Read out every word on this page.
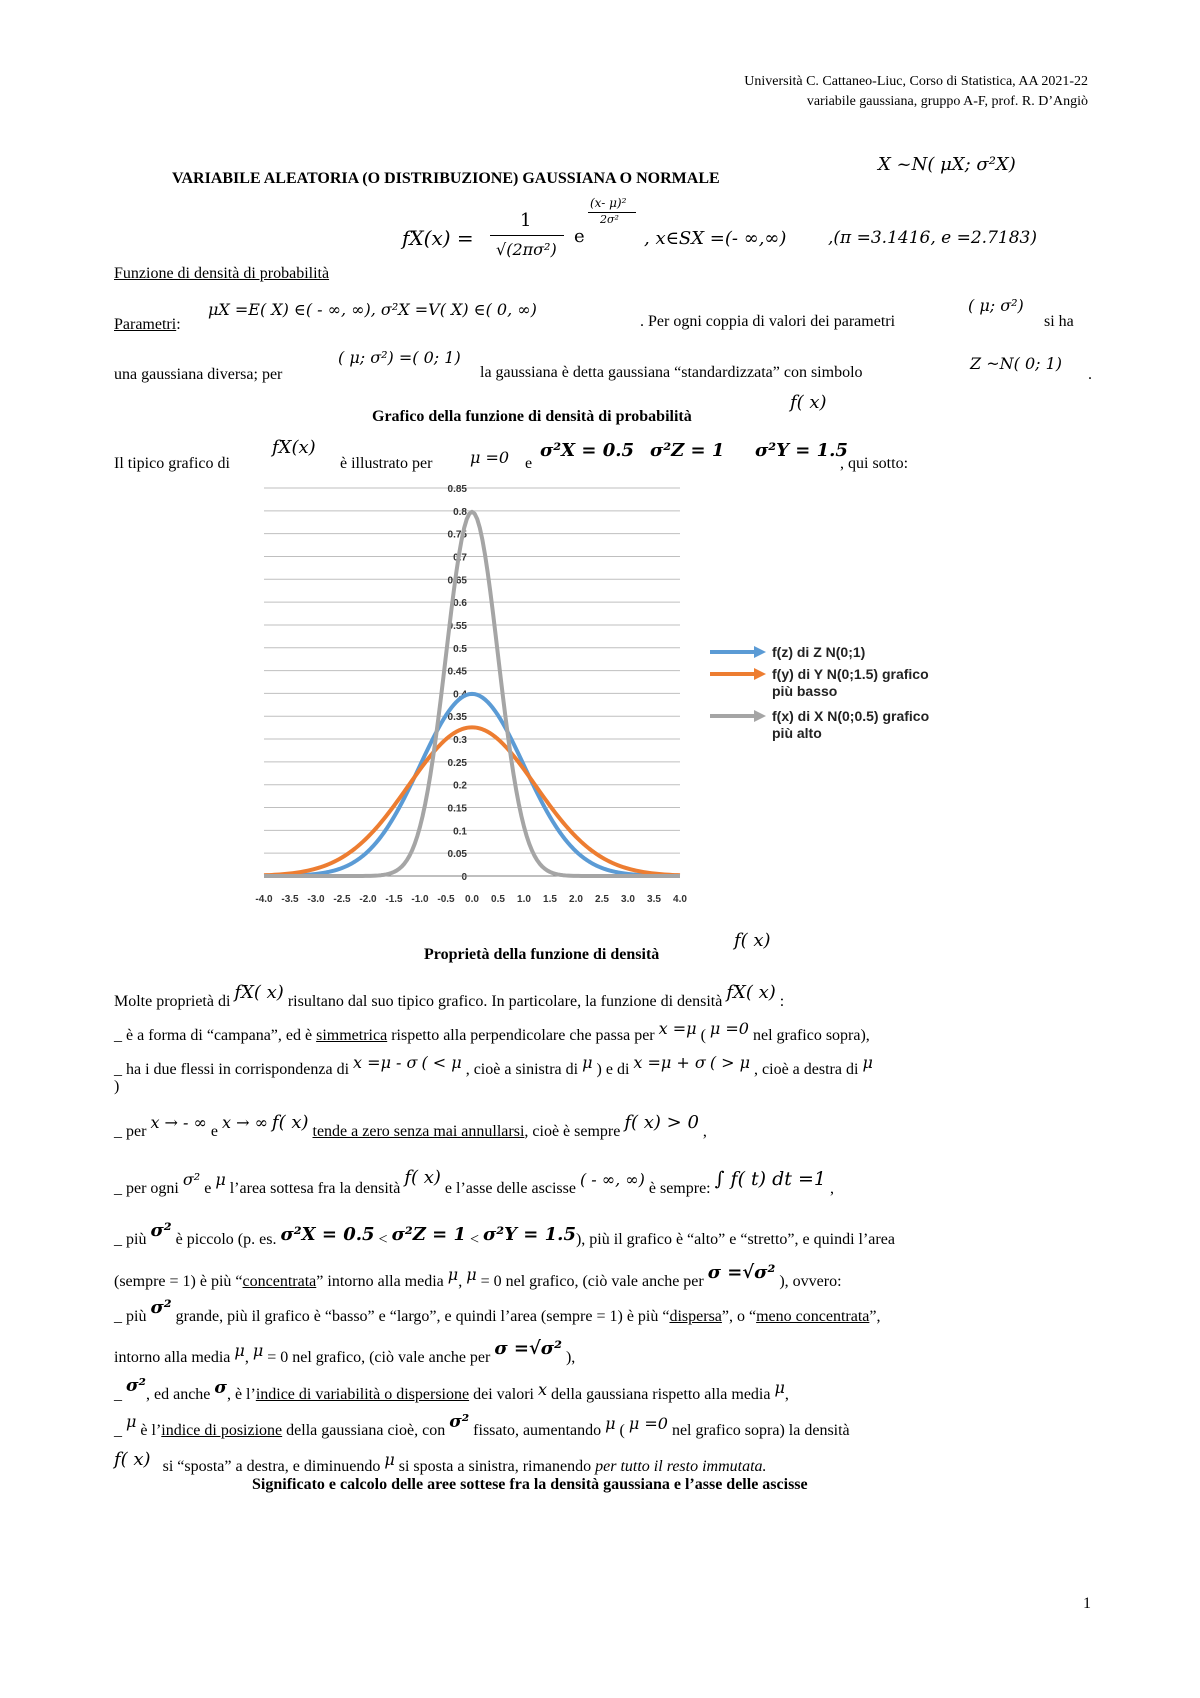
Università C. Cattaneo-Liuc, Corso di Statistica, AA 2021-22
variabile gaussiana, gruppo A-F, prof. R. D’Angiò
VARIABILE ALEATORIA (O DISTRIBUZIONE) GAUSSIANA O NORMALE
X ~N( μX; σ²X)
fX(x) =
1
√(2πσ²)
e
(x- μ)²
2σ²
, x∈SX =(- ∞,∞) ,(π =3.1416, e =2.7183)
Funzione di densità di probabilità
Parametri:
μX =E( X) ∈( - ∞, ∞), σ²X =V( X) ∈( 0, ∞)
. Per ogni coppia di valori dei parametri
( μ; σ²)
si ha
una gaussiana diversa; per
( μ; σ²) =( 0; 1)
la gaussiana è detta gaussiana “standardizzata” con simbolo	Z ~N( 0; 1)
.
Grafico della funzione di densità di probabilità
f( x)
Il tipico grafico di
fX(x)
è illustrato per μ =0 e
σ²X = 0.5 σ²Z = 1 σ²Y = 1.5
, qui sotto:
0
0.05
0.1
0.15
0.2
0.25
0.3
0.35
0.4
0.45
0.5
0.55
0.6
0.65
0.7
0.75
0.8
0.85
-4.0 -3.5 -3.0 -2.5 -2.0 -1.5 -1.0 -0.5 0.0 0.5 1.0 1.5 2.0 2.5 3.0 3.5 4.0
f(z) di Z N(0;1)
f(y) di Y N(0;1.5) grafico
più basso
f(x) di X N(0;0.5) grafico
più alto
Proprietà della funzione di densità
f( x)
Molte proprietà di fX( x) risultano dal suo tipico grafico. In particolare, la funzione di densità fX( x) :
_ è a forma di “campana”, ed è simmetrica rispetto alla perpendicolare che passa per x =μ ( μ =0 nel grafico sopra),
_ ha i due flessi in corrispondenza di x =μ - σ ( < μ , cioè a sinistra di μ ) e di x =μ + σ ( > μ , cioè a destra di μ
)
_ per x → - ∞ e x → ∞ f( x) tende a zero senza mai annullarsi, cioè è sempre f( x) > 0 ,
_ per ogni σ² e μ l’area sottesa fra la densità f( x) e l’asse delle ascisse ( - ∞, ∞) è sempre: ∫ f( t) dt =1 ,
_ più σ² è piccolo (p. es. σ²X = 0.5 < σ²Z = 1 < σ²Y = 1.5), più il grafico è “alto” e “stretto”, e quindi l’area
(sempre = 1) è più “concentrata” intorno alla media μ, μ = 0 nel grafico, (ciò vale anche per σ =√σ² ), ovvero:
_ più σ² grande, più il grafico è “basso” e “largo”, e quindi l’area (sempre = 1) è più “dispersa”, o “meno concentrata”,
intorno alla media μ, μ = 0 nel grafico, (ciò vale anche per σ =√σ² ),
_ σ², ed anche σ, è l’indice di variabilità o dispersione dei valori x della gaussiana rispetto alla media μ,
_ μ è l’indice di posizione della gaussiana cioè, con σ² fissato, aumentando μ ( μ =0 nel grafico sopra) la densità
f( x) si “sposta” a destra, e diminuendo μ si sposta a sinistra, rimanendo per tutto il resto immutata.
Significato e calcolo delle aree sottese fra la densità gaussiana e l’asse delle ascisse
1
